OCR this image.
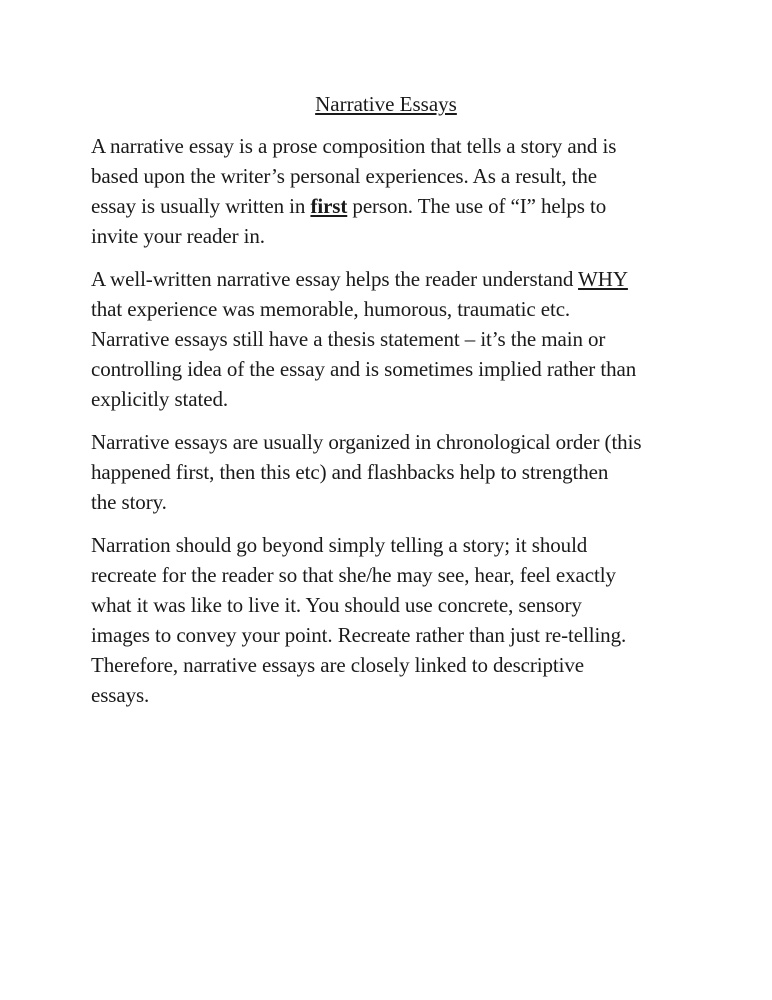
Narrative Essays

A narrative essay is a prose composition that tells a story and is
based upon the writer’s personal experiences. As a result, the
essay is usually written in first person. The use of “I” helps to
invite your reader in.

A well-written narrative essay helps the reader understand WHY
that experience was memorable, humorous, traumatic etc.
Narrative essays still have a thesis statement – it’s the main or
controlling idea of the essay and is sometimes implied rather than
explicitly stated.

Narrative essays are usually organized in chronological order (this
happened first, then this etc) and flashbacks help to strengthen
the story.

Narration should go beyond simply telling a story; it should
recreate for the reader so that she/he may see, hear, feel exactly
what it was like to live it. You should use concrete, sensory
images to convey your point. Recreate rather than just re-telling.
Therefore, narrative essays are closely linked to descriptive
essays.
